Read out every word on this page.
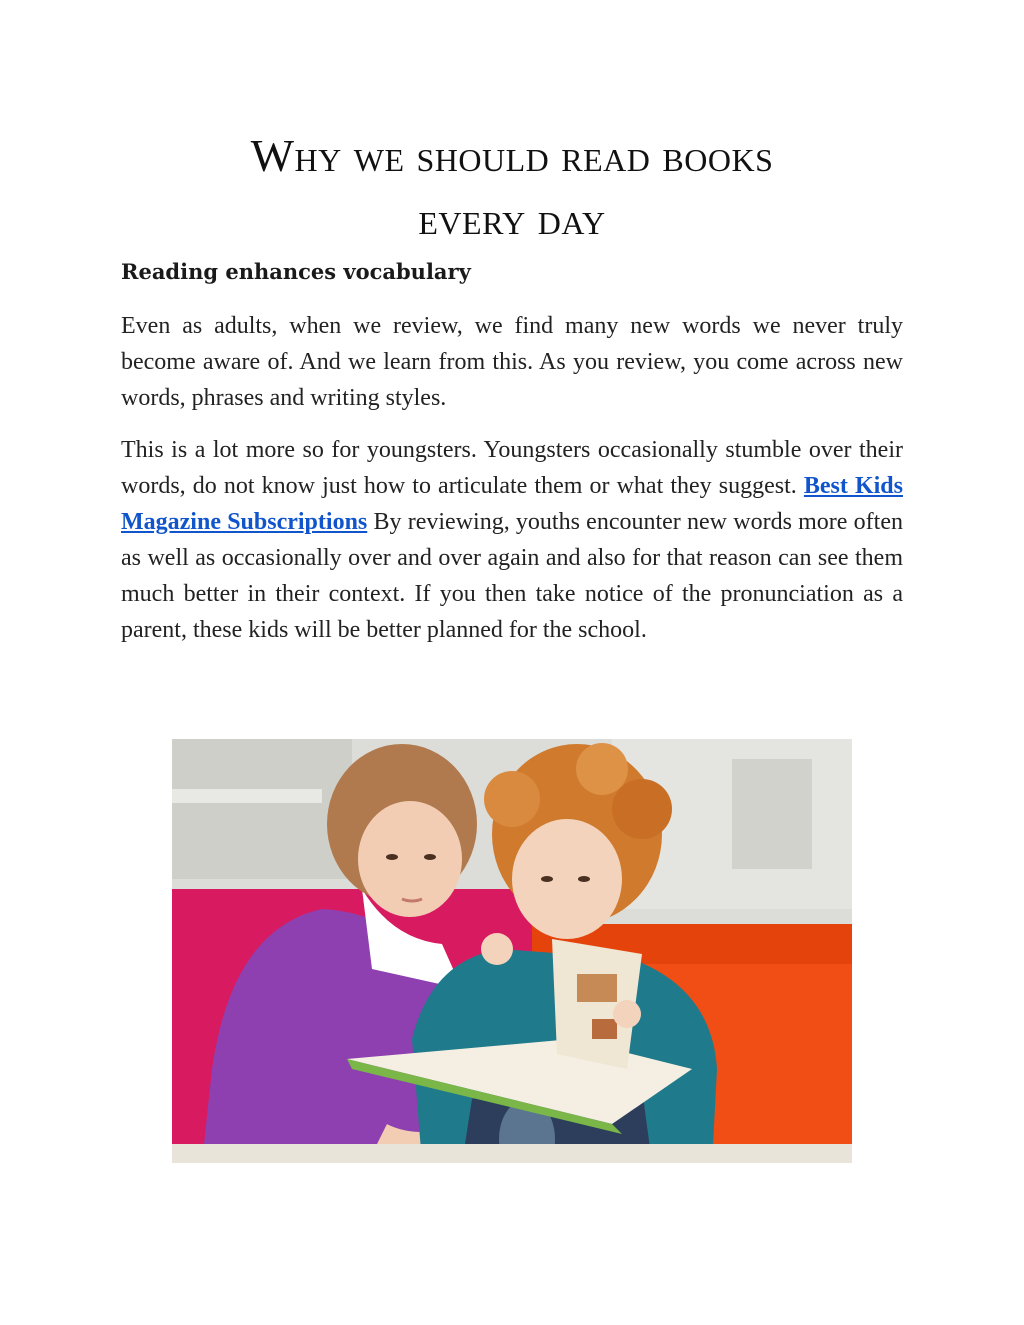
Why we should read books
every day
Reading enhances vocabulary

Even as adults, when we review, we find many new words we never truly become aware of. And we learn from this. As you review, you come across new words, phrases and writing styles.

This is a lot more so for youngsters. Youngsters occasionally stumble over their words, do not know just how to articulate them or what they suggest. Best Kids Magazine Subscriptions By reviewing, youths encounter new words more often as well as occasionally over and over again and also for that reason can see them much better in their context. If you then take notice of the pronunciation as a parent, these kids will be better planned for the school.
